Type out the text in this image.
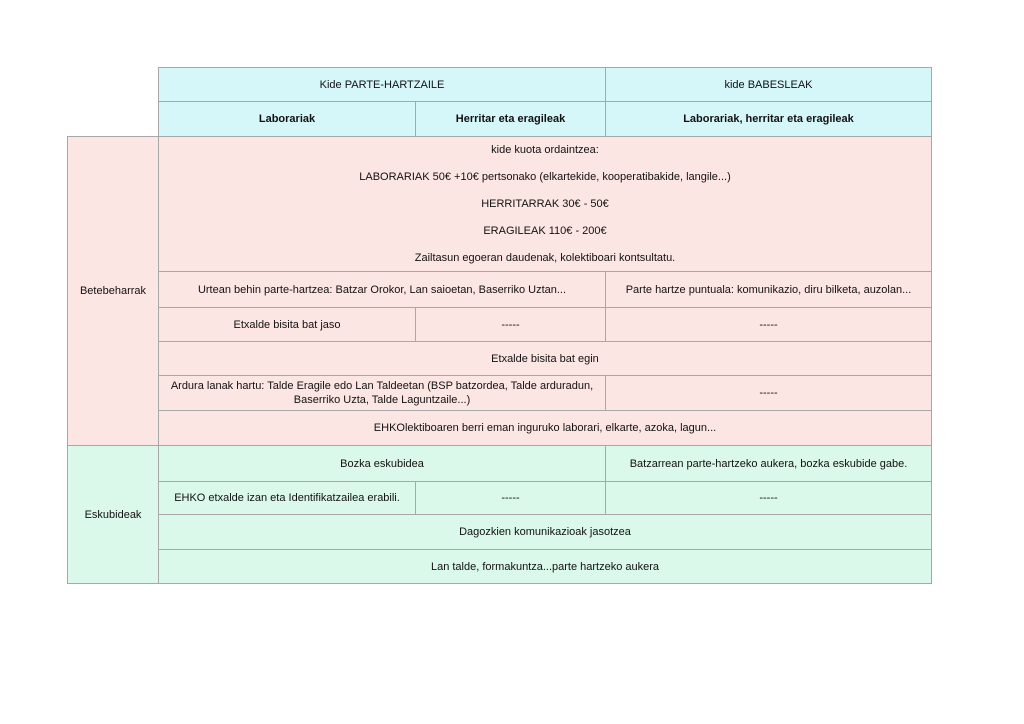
	Kide PARTE-HARTZAILE		kide BABESLEAK
	Laborariak	Herritar eta eragileak	Laborariak, herritar eta eragileak
Betebeharrak	kide kuota ordaintzea:

LABORARIAK 50€ +10€ pertsonako (elkartekide, kooperatibakide, langile...)

HERRITARRAK 30€ - 50€

ERAGILEAK 110€ - 200€

Zailtasun egoeran daudenak, kolektiboari kontsultatu.		

	Urtean behin parte-hartzea: Batzar Orokor, Lan saioetan, Baserriko Uztan...		Parte hartze puntuala: komunikazio, diru bilketa, auzolan...
	Etxalde bisita bat jaso	-----	-----
	Etxalde bisita bat egin		
	Ardura lanak hartu: Talde Eragile edo Lan Taldeetan (BSP batzordea, Talde arduradun, Baserriko Uzta, Talde Laguntzaile...)		-----
	EHKOlektiboaren berri eman inguruko laborari, elkarte, azoka, lagun...		
Eskubideak	Bozka eskubidea		Batzarrean parte-hartzeko aukera, bozka eskubide gabe.
	EHKO etxalde izan eta Identifikatzailea erabili.	-----	-----
	Dagozkien komunikazioak jasotzea		
	Lan talde, formakuntza...parte hartzeko aukera		
